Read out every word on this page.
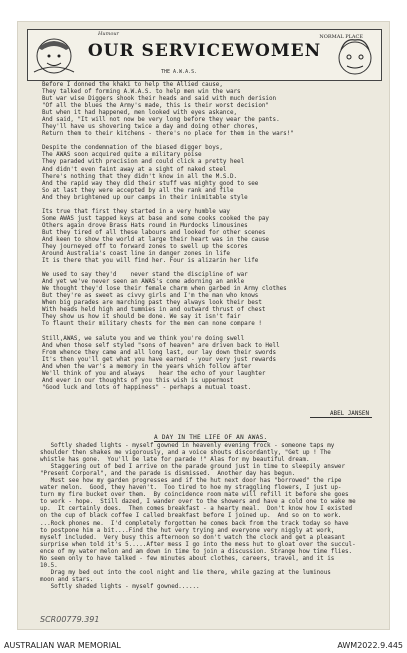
Humour
OUR SERVICEWOMEN
NORMAL PLACE
THE A.W.A.S.
Before I donned the khaki to help the Allied cause,
They talked of forming A.W.A.S. to help men win the wars
But war wise Diggers shook their heads and said with much derision
"Of all the blues the Army's made, this is their worst decision"
But when it had happened, men looked with eyes askance,
And said, "It will not now be very long before they wear the pants.
They'll have us shovering twice a day and doing other chores,
Return them to their kitchens - there's no place for them in the wars!"
Despite the condemnation of the biased digger boys,
The AWAS soon acquired quite a military poise
They paraded with precision and could click a pretty heel
And didn't even faint away at a sight of naked steel
There's nothing that they didn't know in all the M.S.D.
And the rapid way they did their stuff was mighty good to see
So at last they were accepted by all the rank and file
And they brightened up our camps in their inimitable style
Its true that first they started in a very humble way
Some AWAS just tapped keys at base and some cooks cooked the pay
Others again drove Brass Hats round in Murdocks limousines
But they tired of all these labours and looked for other scenes
And keen to show the world at large their heart was in the cause
They journeyed off to forward zones to swell up the scores
Around Australia's coast line in danger zones in life
It is there that you will find her. Four is alizarin her life
We used to say they'd    never stand the discipline of war
And yet we've never seen an AWAS's come adorning an ankle
We thought they'd lose their female charm when garbed in Army clothes
But they're as sweet as civvy girls and I'm the man who knows
When big parades are marching past they always look their best
With heads held high and tummies in and outward thrust of chest
They show us how it should be done. We say it isn't fair
To flaunt their military chests for the men can none compare !
Still,AWAS, we salute you and we think you're doing swell
And when those self styled "sons of heaven" are driven back to Hell
From whence they came and all long last, our lay down their swords
It's then you'll get what you have earned - your very just rewards
And when the war's a memory in the years which follow after
We'll think of you and always    hear the echo of your laughter
And ever in our thoughts of you this wish is uppermost
"Good luck and lots of happiness" - perhaps a mutual toast.
ABEL JANSEN
A DAY IN THE LIFE OF AN AWAS.
Softly shaded lights - myself gowned in heavenly evening frock - someone taps my
shoulder then shakes me vigorously, and a voice shouts discordantly, "Get up ! The
whistle has gone.  You'll be late for parade !" Alas for my beautiful dream.
Staggering out of bed I arrive on the parade ground just in time to sleepily answer
"Present Corporal", and the parade is dismissed.  Another day has begun.
Must see how my garden progresses and if the hut next door has "borrowed" the ripe
water melon.  Good, they haven't.  Too tired to hoe my straggling flowers, I just up-
turn my fire bucket over them.  By coincidence room mate will refill it before she goes
to work - hope.  Still dazed, I wander over to the showers and have a cold one to wake me
up.  It certainly does.  Then comes breakfast - a hearty meal.  Don't know how I existed
on the cup of black coffee I called breakfast before I joined up.  And so on to work.
...Rock phones me.  I'd completely forgotten he comes back from the track today so have
to postpone him a bit....Find the hut very trying and everyone very niggly at work,
myself included.  Very busy this afternoon so don't watch the clock and get a pleasant
surprise when told it's 5.....After mess I go into the mess hut to gloat over the succul-
ence of my water melon and am down in time to join a discussion. Strange how time flies.
No seem only to have talked - few minutes about clothes, careers, travel, and it is
10.5.
Drag my bed out into the cool night and lie there, while gazing at the luminous
moon and stars.
Softly shaded lights - myself gowned......
SCR00779.391
AUSTRALIAN WAR MEMORIAL	AWM2022.9.445
